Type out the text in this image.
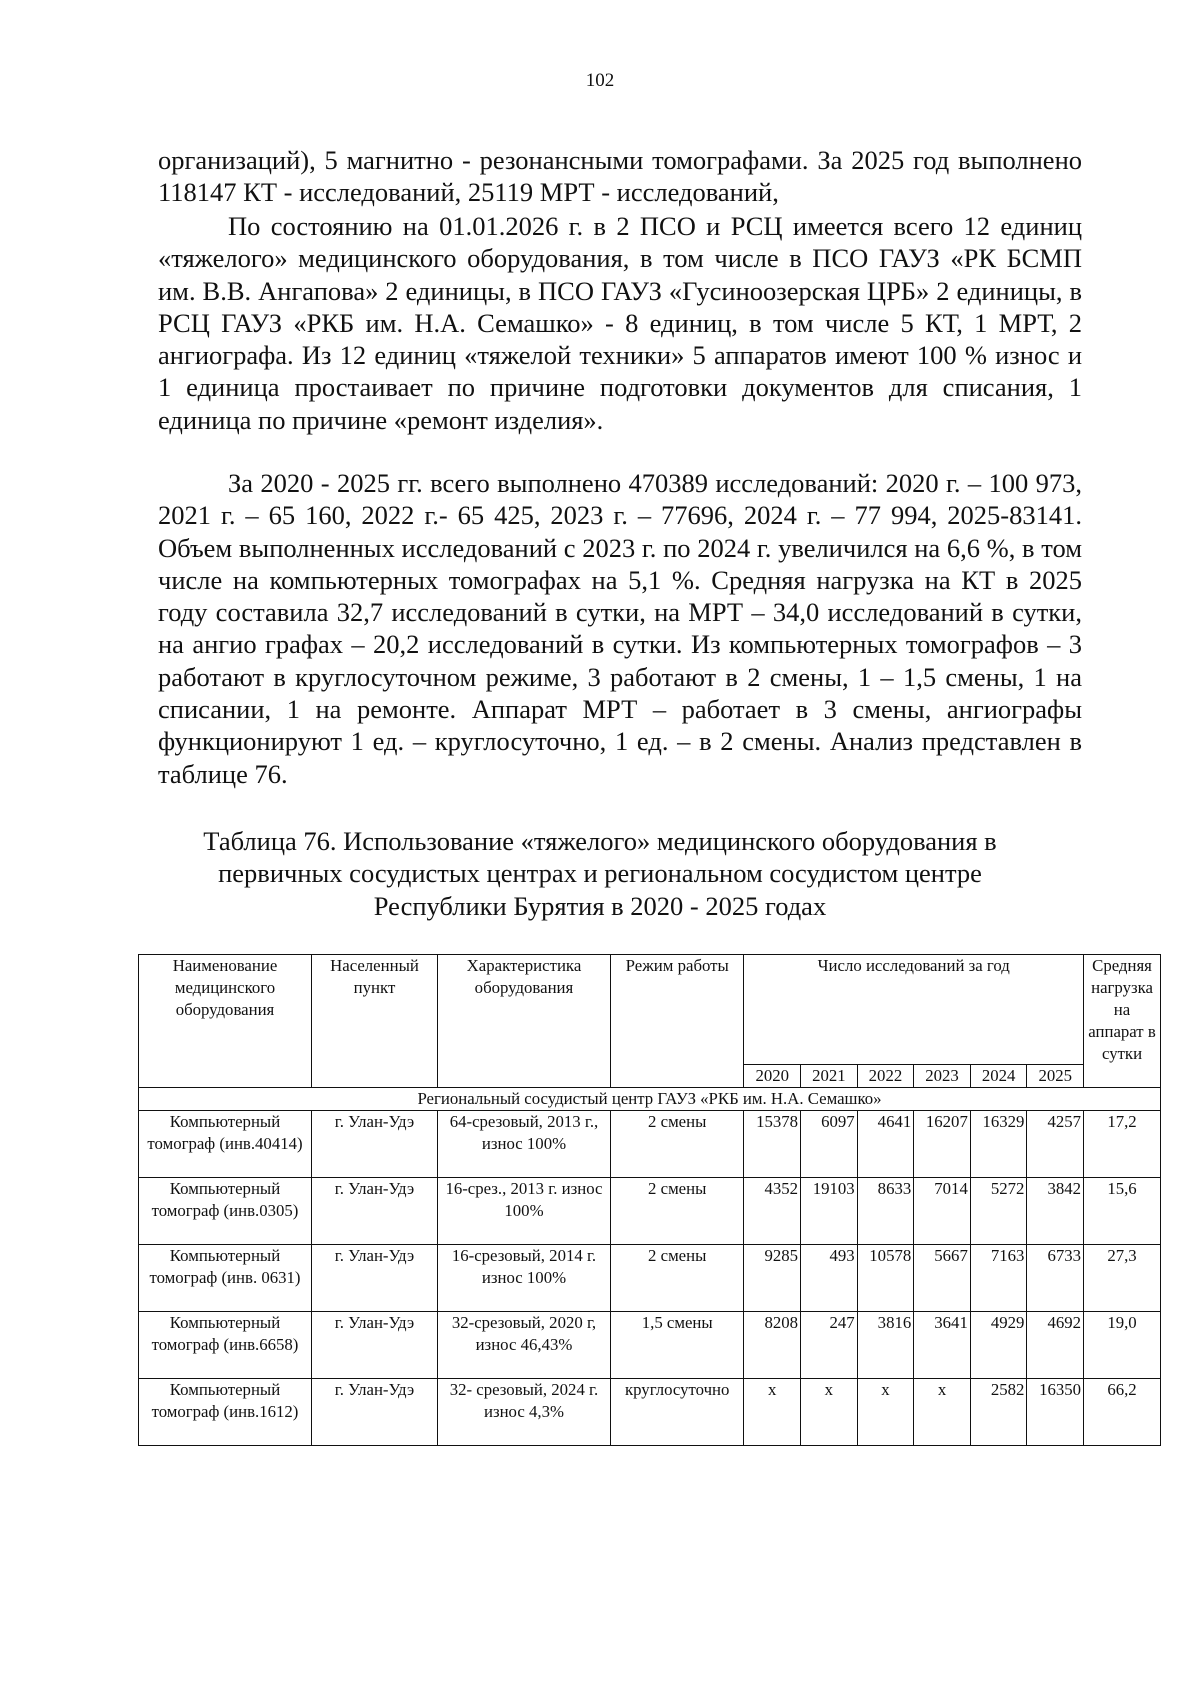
102

организаций), 5 магнитно - резонансными томографами. За 2025 год выполнено 118147 КТ - исследований, 25119 МРТ - исследований,

По состоянию на 01.01.2026 г. в 2 ПСО и РСЦ имеется всего 12 единиц «тяжелого» медицинского оборудования, в том числе в ПСО ГАУЗ «РК БСМП им. В.В. Ангапова» 2 единицы, в ПСО ГАУЗ «Гусиноозерская ЦРБ» 2 единицы, в РСЦ ГАУЗ «РКБ им. Н.А. Семашко» - 8 единиц, в том числе 5 КТ, 1 МРТ, 2 ангиографа. Из 12 единиц «тяжелой техники» 5 аппаратов имеют 100 % износ и 1 единица простаивает по причине подготовки документов для списания, 1 единица по причине «ремонт изделия».

За 2020 - 2025 гг. всего выполнено 470389 исследований: 2020 г. – 100 973, 2021 г. – 65 160, 2022 г.- 65 425, 2023 г. – 77696, 2024 г. – 77 994, 2025-83141. Объем выполненных исследований с 2023 г. по 2024 г. увеличился на 6,6 %, в том числе на компьютерных томографах на 5,1 %. Средняя нагрузка на КТ в 2025 году составила 32,7 исследований в сутки, на МРТ – 34,0 исследований в сутки, на ангио графах – 20,2 исследований в сутки. Из компьютерных томографов – 3 работают в круглосуточном режиме, 3 работают в 2 смены, 1 – 1,5 смены, 1 на списании, 1 на ремонте. Аппарат МРТ – работает в 3 смены, ангиографы функционируют 1 ед. – круглосуточно, 1 ед. – в 2 смены. Анализ представлен в таблице 76.

Таблица 76. Использование «тяжелого» медицинского оборудования в первичных сосудистых центрах и региональном сосудистом центре Республики Бурятия в 2020 - 2025 годах

Наименование медицинского оборудования	Населенный пункт	Характеристика оборудования	Режим работы	Число исследований за год						Средняя нагрузка на аппарат в сутки
				2020	2021	2022	2023	2024	2025	
Региональный сосудистый центр ГАУЗ «РКБ им. Н.А. Семашко»										
Компьютерный томограф (инв.40414)	г. Улан-Удэ	64-срезовый, 2013 г., износ 100%	2 смены	15378	6097	4641	16207	16329	4257	17,2
Компьютерный томограф (инв.0305)	г. Улан-Удэ	16-срез., 2013 г. износ 100%	2 смены	4352	19103	8633	7014	5272	3842	15,6
Компьютерный томограф (инв. 0631)	г. Улан-Удэ	16-срезовый, 2014 г. износ 100%	2 смены	9285	493	10578	5667	7163	6733	27,3
Компьютерный томограф (инв.6658)	г. Улан-Удэ	32-срезовый, 2020 г, износ 46,43%	1,5 смены	8208	247	3816	3641	4929	4692	19,0
Компьютерный томограф (инв.1612)	г. Улан-Удэ	32- срезовый, 2024 г. износ 4,3%	круглосуточно	х	х	х	х	2582	16350	66,2
